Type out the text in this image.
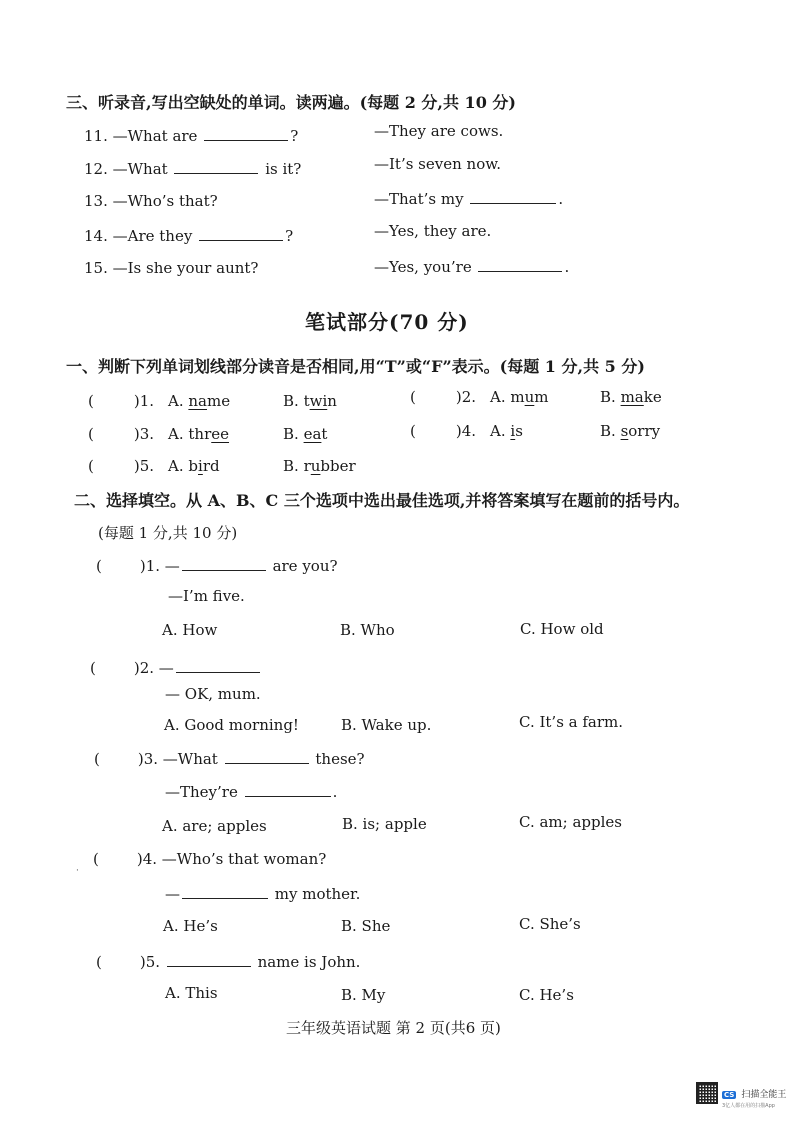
三、听录音,写出空缺处的单词。读两遍。(每题 2 分,共 10 分)
11. —What are	?	—They are cows.
12. —What	is it?	—It’s seven now.
13. —Who’s that?	—That’s my	.
14. —Are they	?	—Yes, they are.
15. —Is she your aunt?	—Yes, you’re	.
笔试部分(70 分)
一、判断下列单词划线部分读音是否相同,用“T”或“F”表示。(每题 1 分,共 5 分)
(	)1. A. name	B. twin	(	)2. A. mum	B. make
(	)3. A. three	B. eat	(	)4. A. is	B. sorry
(	)5. A. bird	B. rubber
二、选择填空。从 A、B、C 三个选项中选出最佳选项,并将答案填写在题前的括号内。
(每题 1 分,共 10 分)
(	)1. —	are you?
—I’m five.
A. How	B. Who	C. How old
(	)2. —
— OK, mum.
A. Good morning!	B. Wake up.	C. It’s a farm.
(	)3. —What	these?
—They’re	.
A. are; apples	B. is; apple	C. am; apples
·
(	)4. —Who’s that woman?
—	my mother.
A. He’s	B. She	C. She’s
(	)5.	name is John.
A. This	B. My	C. He’s
三年级英语试题 第 2 页(共6 页)
CS 扫描全能王
3亿人都在用的扫描App
